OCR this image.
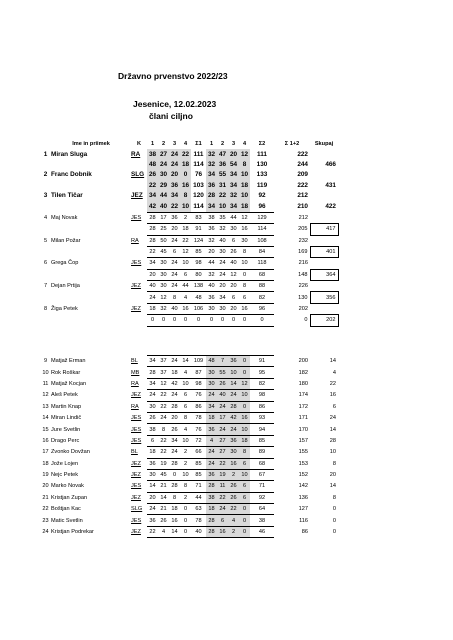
Državno prvenstvo 2022/23
Jesenice, 12.02.2023
člani ciljno
	Ime in priimek	K	1	2	3	4	Σ1	1	2	3	4	Σ2	Σ 1+2	Skupaj
1	Miran Sluga	RA	38	27	24	22	111	32	47	20	12	111	222	
			48	24	24	18	114	32	36	54	8	130	244	466
2	Franc Dobnik	SLG	26	30	20	0	76	34	55	34	10	133	209	
			22	29	36	16	103	36	31	34	18	119	222	431
3	Tilen Tičar	JEZ	34	44	34	8	120	28	22	32	10	92	212	
			42	40	22	10	114	34	10	34	18	96	210	422
4	Maj Novak	JES	28	17	36	2	83	38	35	44	12	129	212	
			28	25	20	18	91	36	32	30	16	114	205	417
5	Milan Požar	RA	28	50	24	22	124	32	40	6	30	108	232	
			22	45	6	12	85	20	30	26	8	84	169	401
6	Grega Čop	JES	34	30	24	10	98	44	24	40	10	118	216	
			20	30	24	6	80	32	24	12	0	68	148	364
7	Dejan Prtija	JEZ	40	30	24	44	138	40	20	20	8	88	226	
			24	12	8	4	48	36	34	6	6	82	130	356
8	Žiga Petek	JEZ	18	32	40	16	106	30	30	20	16	96	202	
			0	0	0	0	0	0	0	0	0	0	0	202
9	Matjaž Erman	BL	34	37	24	14	109	48	7	36	0	91	200	14
10	Rok Roškar	MB	28	37	18	4	87	30	55	10	0	95	182	4
11	Matjaž Kocjan	RA	34	12	42	10	98	30	26	14	12	82	180	22
12	Aleš Petek	JEZ	24	22	24	6	76	24	40	24	10	98	174	16
13	Martin Knap	RA	30	22	28	6	86	34	24	28	0	86	172	6
14	Miran Lindič	JES	26	24	20	8	78	18	17	42	16	93	171	24
15	Jure Svetlin	JES	38	8	26	4	76	36	24	24	10	94	170	14
16	Drago Perc	JES	6	22	34	10	72	4	27	36	18	85	157	28
17	Zvonko Dovžan	BL	18	22	24	2	66	24	27	30	8	89	155	10
18	Jože Lojen	JEZ	36	19	28	2	85	24	22	16	6	68	153	8
19	Nejc Petek	JEZ	30	45	0	10	85	36	19	2	10	67	152	20
20	Marko Novak	JES	14	21	28	8	71	28	11	26	6	71	142	14
21	Kristjan Zupan	JEZ	20	14	8	2	44	38	22	26	6	92	136	8
22	Boštjan Kac	SLG	24	21	18	0	63	18	24	22	0	64	127	0
23	Matic Svetlin	JES	36	26	16	0	78	28	6	4	0	38	116	0
24	Kristjan Podrekar	JEZ	22	4	14	0	40	28	16	2	0	46	86	0
